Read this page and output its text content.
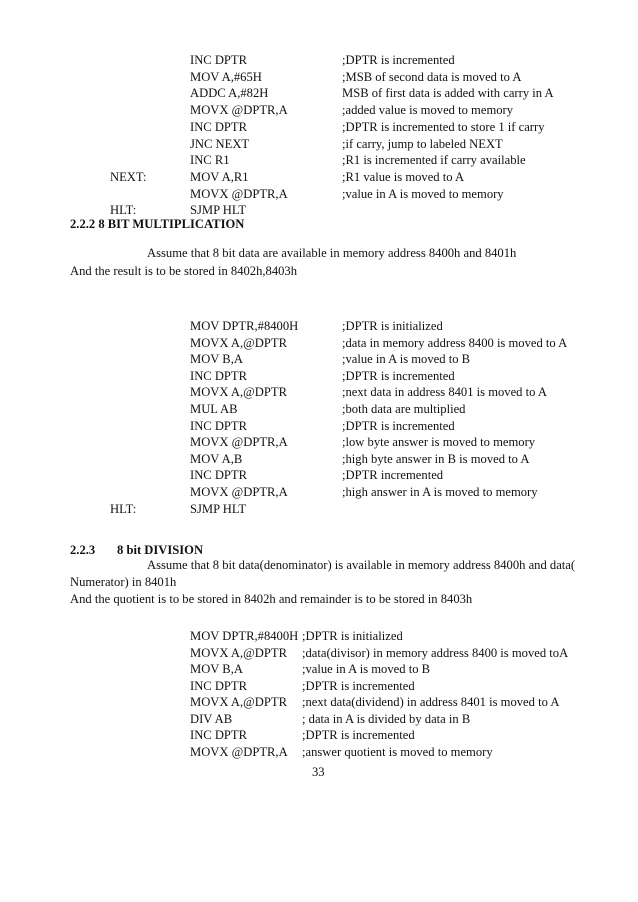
INC DPTR	;DPTR is incremented
MOV A,#65H	;MSB of second data is moved to A
ADDC A,#82H	MSB of first data is added with carry in A
MOVX @DPTR,A	;added value is moved to memory
INC DPTR	;DPTR is incremented to store 1 if carry
JNC NEXT	;if carry, jump to labeled NEXT
INC R1	;R1 is incremented if carry available
NEXT:	MOV A,R1	;R1 value is moved to A
MOVX @DPTR,A	;value in A is moved to memory
HLT:	SJMP HLT
2.2.2 8 BIT MULTIPLICATION
Assume that 8 bit data are available in memory address 8400h and 8401h
And the result is to be stored in 8402h,8403h
MOV DPTR,#8400H	;DPTR is initialized
MOVX A,@DPTR	;data in memory address 8400 is moved to A
MOV B,A	;value in A is moved to B
INC DPTR	;DPTR is incremented
MOVX A,@DPTR	;next data in address 8401 is moved to A
MUL AB	;both data are multiplied
INC DPTR	;DPTR is incremented
MOVX @DPTR,A	;low byte answer is moved to memory
MOV A,B	;high byte answer in B is moved to A
INC DPTR	;DPTR incremented
MOVX @DPTR,A	;high answer in A is moved to memory
HLT:	SJMP HLT
2.2.3 8 bit DIVISION
Assume that 8 bit data(denominator) is available in memory address 8400h and data(
Numerator) in 8401h
And the quotient is to be stored in 8402h and remainder is to be stored in 8403h
MOV DPTR,#8400H ;DPTR is initialized
MOVX A,@DPTR ;data(divisor) in memory address 8400 is moved toA
MOV B,A	;value in A is moved to B
INC DPTR	;DPTR is incremented
MOVX A,@DPTR ;next data(dividend) in address 8401 is moved to A
DIV AB	; data in A is divided by data in B
INC DPTR	;DPTR is incremented
MOVX @DPTR,A ;answer quotient is moved to memory
33
